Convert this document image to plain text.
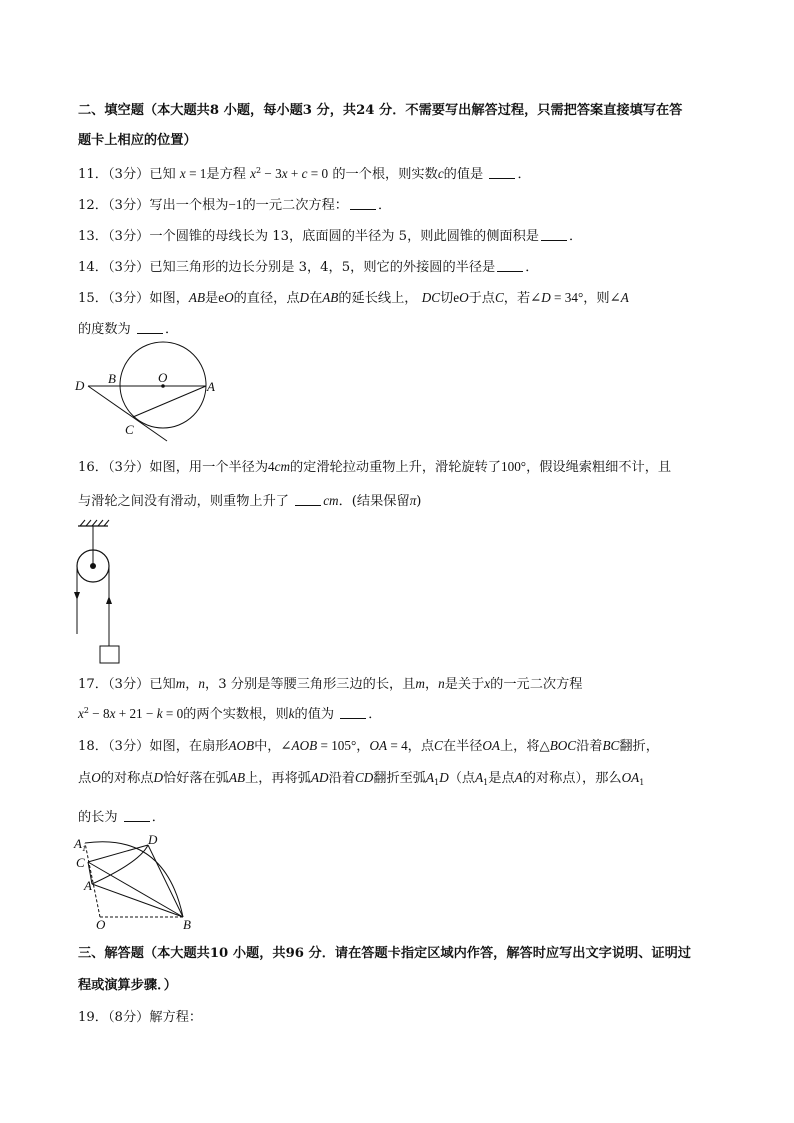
二、填空题（本大题共8 小题，每小题3 分，共24 分．不需要写出解答过程，只需把答案直接填写在答
题卡上相应的位置）
11．（3分）已知 x = 1是方程 $x^2 - 3x + c = 0$ 的一个根，则实数c的值是	．
12．（3分）写出一个根为−1的一元二次方程： ．
13．（3分）一个圆锥的母线长为 13，底面圆的半径为 5，则此圆锥的侧面积是 ．
14．（3分）已知三角形的边长分别是 3，4，5，则它的外接圆的半径是 ．
15．（3分）如图，AB是eO的直径，点D在AB的延长线上， DC切eO于点C，若∠D = 34°，则∠A
的度数为	．
D B	O
A
C
16．（3分）如图，用一个半径为4cm的定滑轮拉动重物上升，滑轮旋转了100°，假设绳索粗细不计，且
与滑轮之间没有滑动，则重物上升了	cm．(结果保留π)
17．（3分）已知m，n，3 分别是等腰三角形三边的长，且m，n是关于x的一元二次方程
$x^2 - 8x + 21 - k = 0$的两个实数根，则k的值为	．
18．（3分）如图，在扇形AOB中，∠AOB = 105°，OA = 4，点C在半径OA上，将△BOC沿着BC翻折，
点O的对称点D恰好落在弧AB上，再将弧AD沿着CD翻折至弧$A_1D$（点$A_1$是点A的对称点），那么$OA_1$
的长为	．
$A_1$
C
A
D
O	B
三、解答题（本大题共10 小题，共96 分．请在答题卡指定区域内作答，解答时应写出文字说明、证明过
程或演算步骤．）
19．（8分）解方程：
